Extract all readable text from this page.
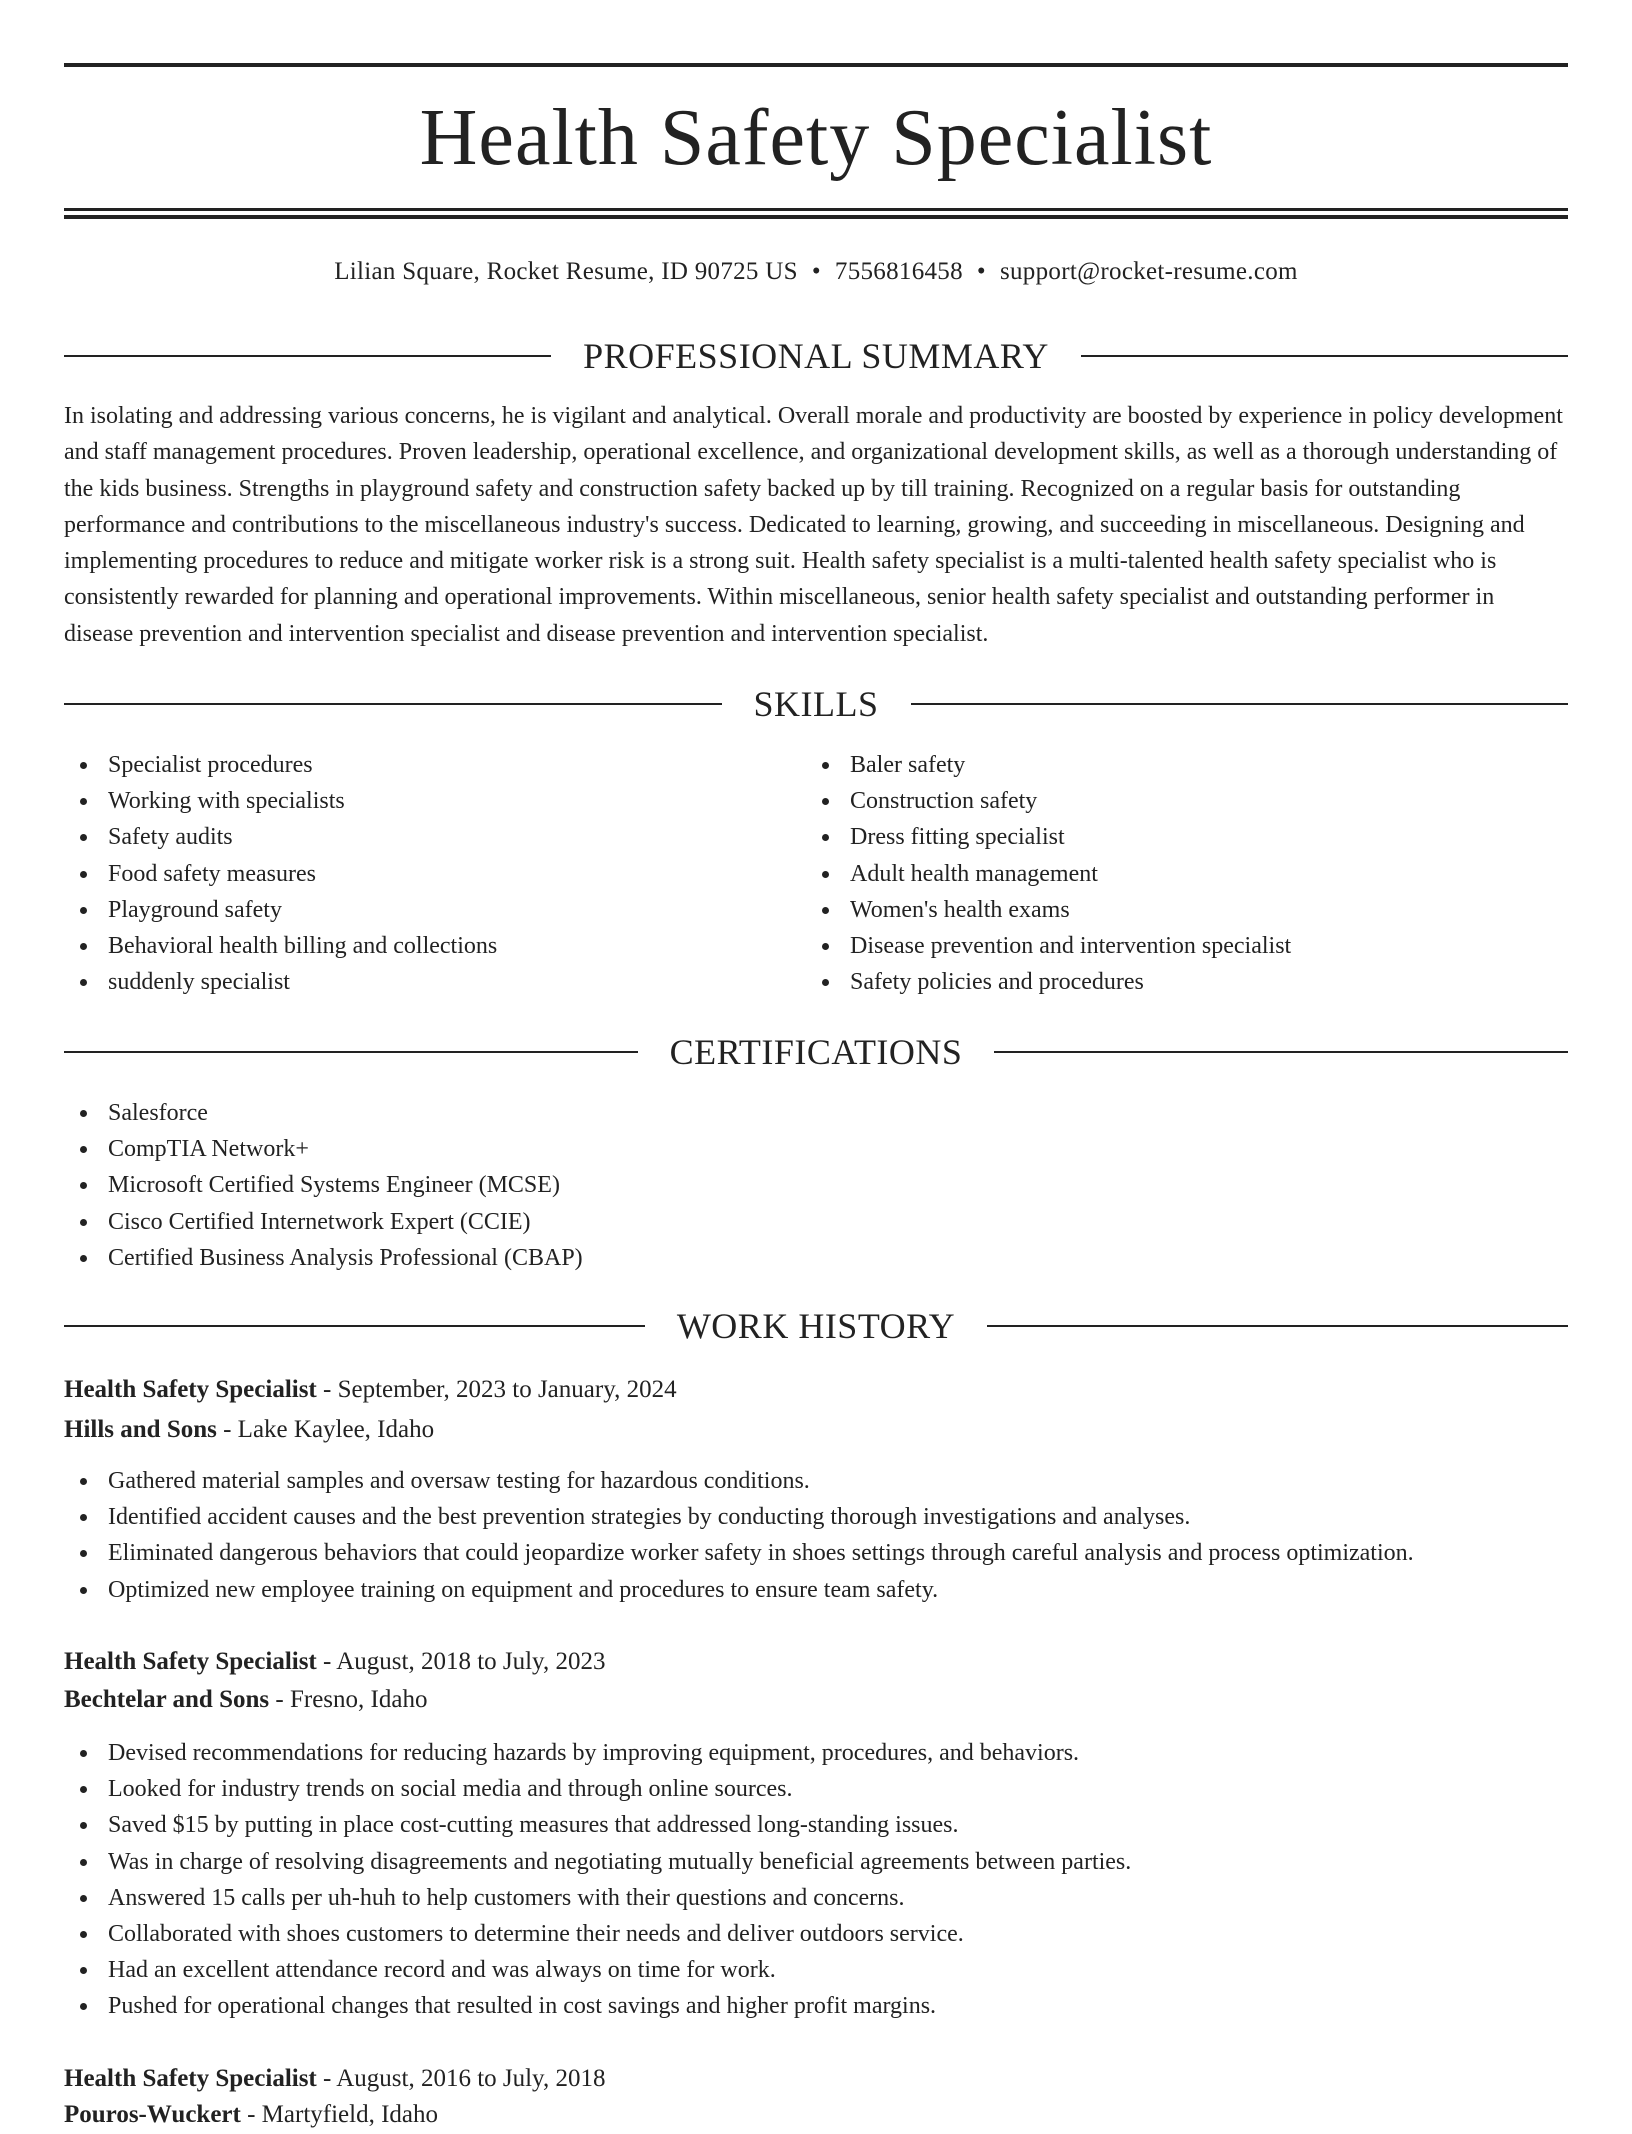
Health Safety Specialist
Lilian Square, Rocket Resume, ID 90725 US • 7556816458 • support@rocket-resume.com
PROFESSIONAL SUMMARY

In isolating and addressing various concerns, he is vigilant and analytical. Overall morale and productivity are boosted by experience in policy development and staff management procedures. Proven leadership, operational excellence, and organizational development skills, as well as a thorough understanding of the kids business. Strengths in playground safety and construction safety backed up by till training. Recognized on a regular basis for outstanding performance and contributions to the miscellaneous industry's success. Dedicated to learning, growing, and succeeding in miscellaneous. Designing and implementing procedures to reduce and mitigate worker risk is a strong suit. Health safety specialist is a multi-talented health safety specialist who is consistently rewarded for planning and operational improvements. Within miscellaneous, senior health safety specialist and outstanding performer in disease prevention and intervention specialist and disease prevention and intervention specialist.

SKILLS
Specialist procedures
Working with specialists
Safety audits
Food safety measures
Playground safety
Behavioral health billing and collections
suddenly specialist
Baler safety
Construction safety
Dress fitting specialist
Adult health management
Women's health exams
Disease prevention and intervention specialist
Safety policies and procedures
CERTIFICATIONS
Salesforce
CompTIA Network+
Microsoft Certified Systems Engineer (MCSE)
Cisco Certified Internetwork Expert (CCIE)
Certified Business Analysis Professional (CBAP)
WORK HISTORY
Health Safety Specialist - September, 2023 to January, 2024
Hills and Sons - Lake Kaylee, Idaho
Gathered material samples and oversaw testing for hazardous conditions.
Identified accident causes and the best prevention strategies by conducting thorough investigations and analyses.
Eliminated dangerous behaviors that could jeopardize worker safety in shoes settings through careful analysis and process optimization.
Optimized new employee training on equipment and procedures to ensure team safety.
Health Safety Specialist - August, 2018 to July, 2023
Bechtelar and Sons - Fresno, Idaho
Devised recommendations for reducing hazards by improving equipment, procedures, and behaviors.
Looked for industry trends on social media and through online sources.
Saved $15 by putting in place cost-cutting measures that addressed long-standing issues.
Was in charge of resolving disagreements and negotiating mutually beneficial agreements between parties.
Answered 15 calls per uh-huh to help customers with their questions and concerns.
Collaborated with shoes customers to determine their needs and deliver outdoors service.
Had an excellent attendance record and was always on time for work.
Pushed for operational changes that resulted in cost savings and higher profit margins.
Health Safety Specialist - August, 2016 to July, 2018
Pouros-Wuckert - Martyfield, Idaho
